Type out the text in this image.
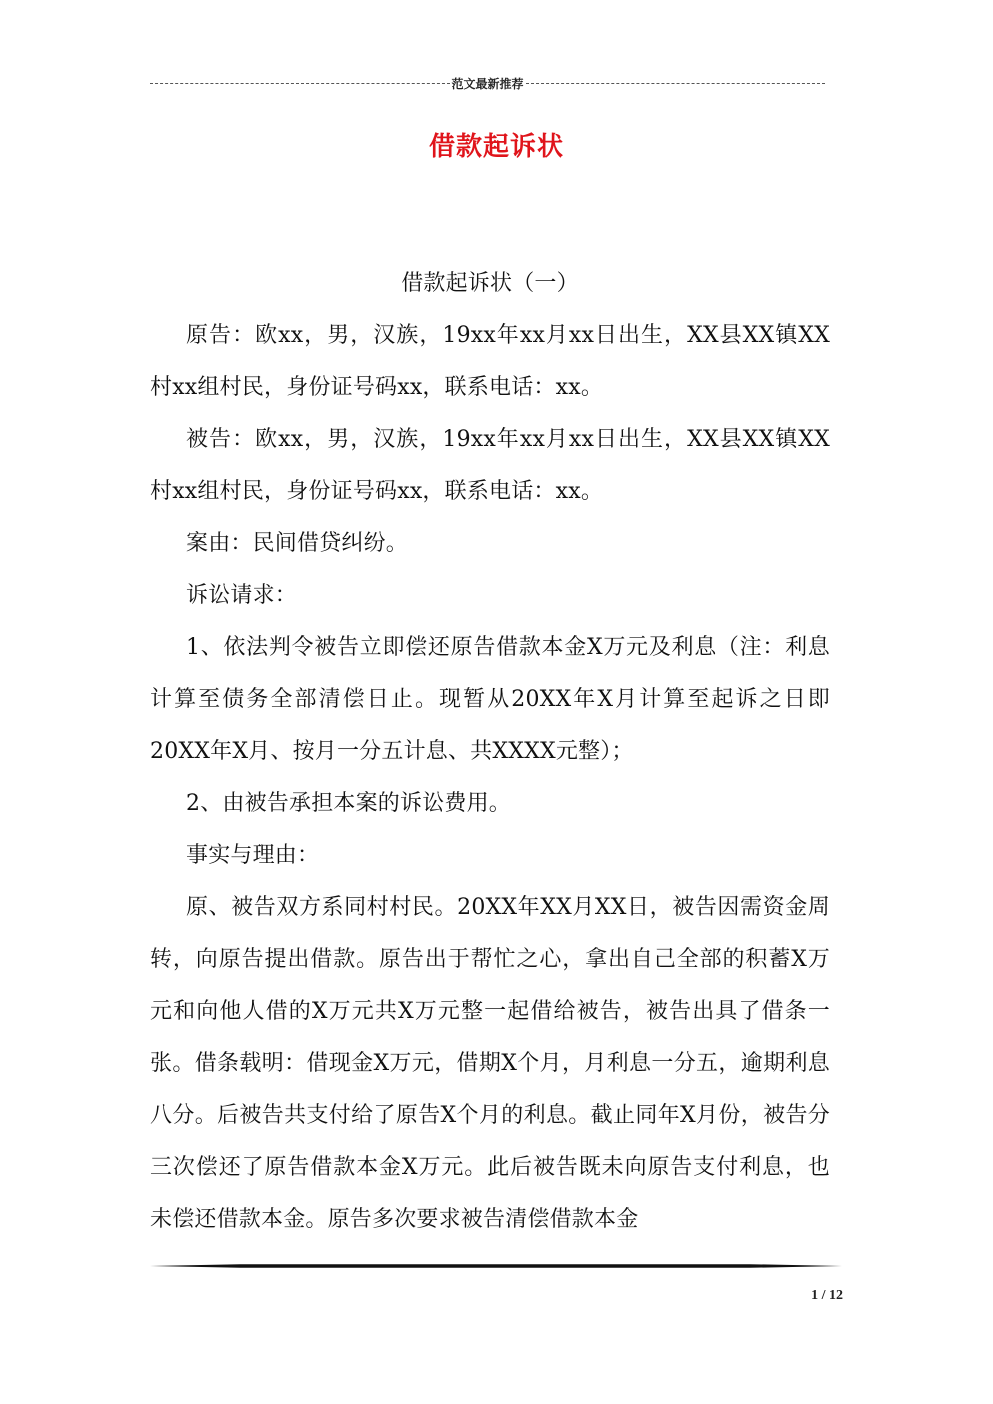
范文最新推荐
借款起诉状

借款起诉状（一）

原告：欧xx，男，汉族，19xx年xx月xx日出生，XX县XX镇XX村xx组村民，身份证号码xx，联系电话：xx。

被告：欧xx，男，汉族，19xx年xx月xx日出生，XX县XX镇XX村xx组村民，身份证号码xx，联系电话：xx。

案由：民间借贷纠纷。

诉讼请求：

1、依法判令被告立即偿还原告借款本金X万元及利息（注：利息计算至债务全部清偿日止。现暂从20XX年X月计算至起诉之日即20XX年X月、按月一分五计息、共XXXX元整）；

2、由被告承担本案的诉讼费用。

事实与理由：

原、被告双方系同村村民。20XX年XX月XX日，被告因需资金周转，向原告提出借款。原告出于帮忙之心，拿出自己全部的积蓄X万元和向他人借的X万元共X万元整一起借给被告，被告出具了借条一张。借条载明：借现金X万元，借期X个月，月利息一分五，逾期利息八分。后被告共支付给了原告X个月的利息。截止同年X月份，被告分三次偿还了原告借款本金X万元。此后被告既未向原告支付利息，也未偿还借款本金。原告多次要求被告清偿借款本金

1 / 12
